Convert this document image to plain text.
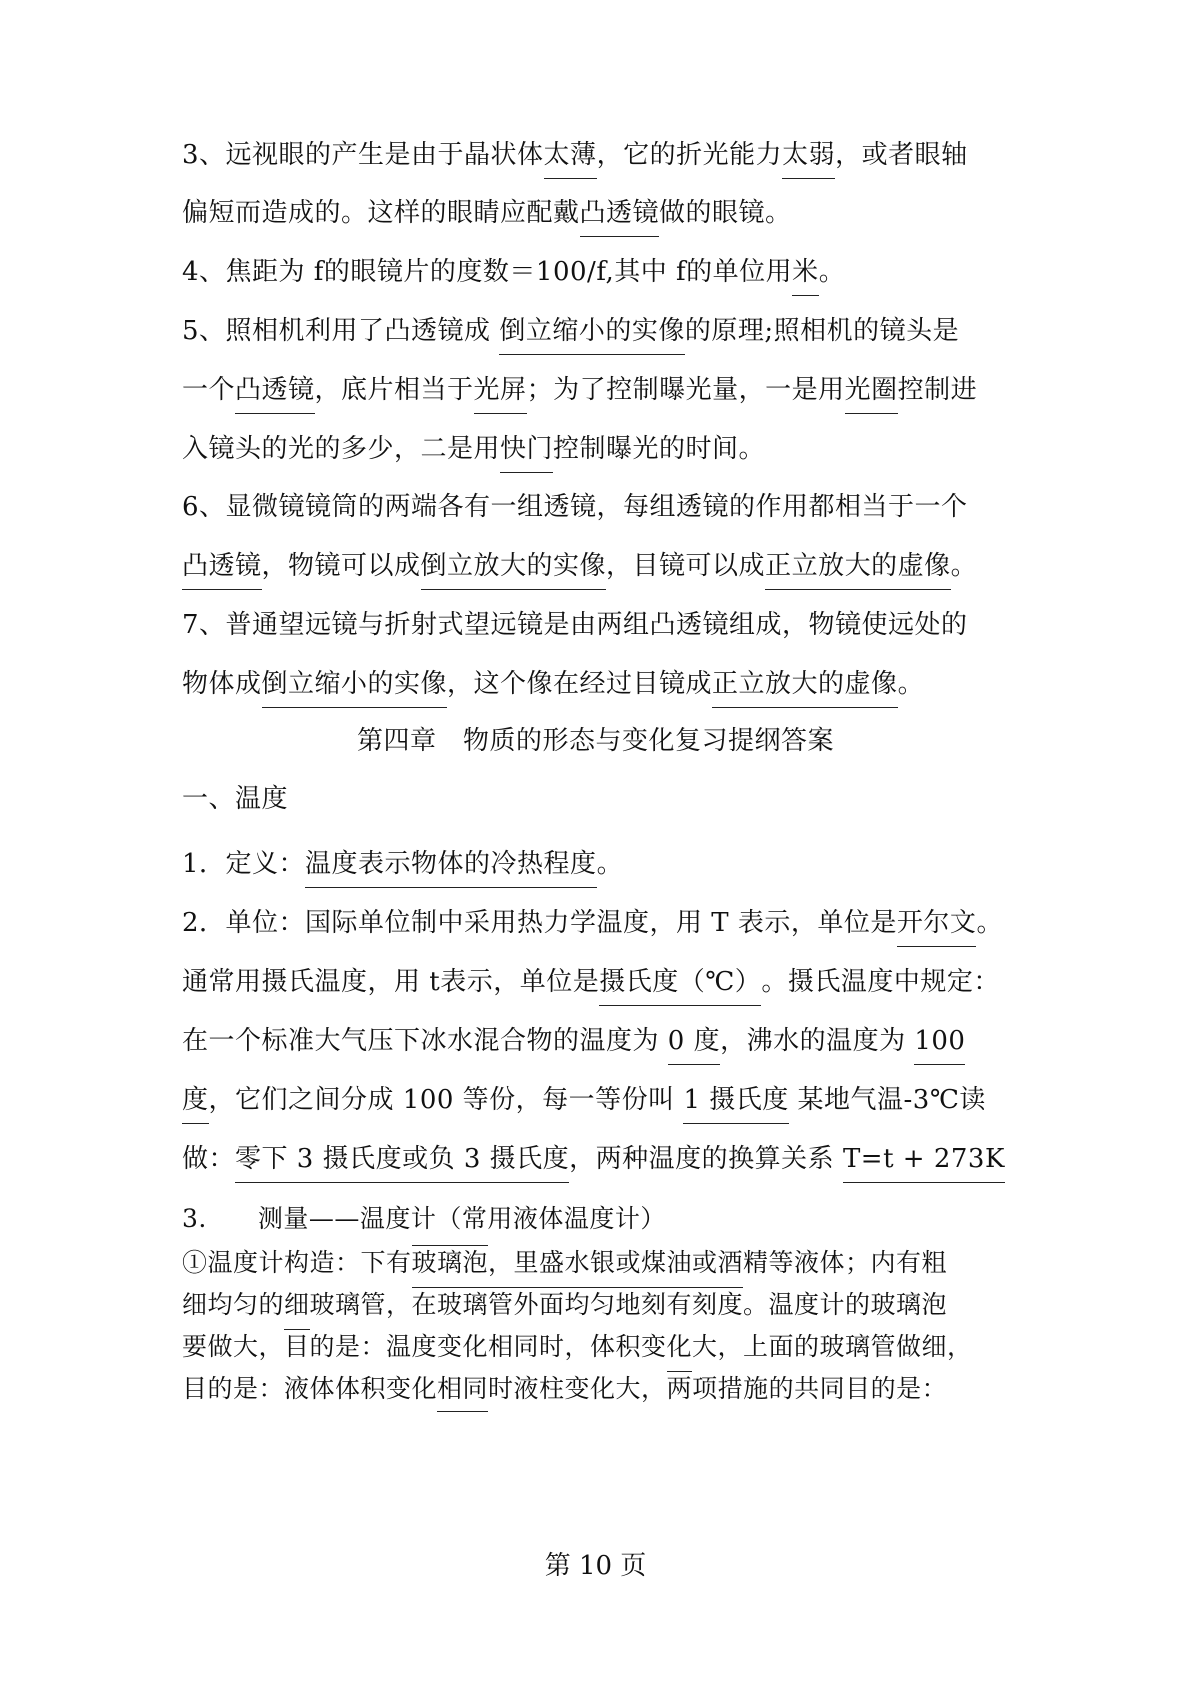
3、远视眼的产生是由于晶状体太薄，它的折光能力太弱，或者眼轴
偏短而造成的。这样的眼睛应配戴凸透镜做的眼镜。
4、焦距为 f的眼镜片的度数＝100/f,其中 f的单位用米。
5、照相机利用了凸透镜成 倒立缩小的实像的原理;照相机的镜头是
一个凸透镜，底片相当于光屏；为了控制曝光量，一是用光圈控制进
入镜头的光的多少，二是用快门控制曝光的时间。
6、显微镜镜筒的两端各有一组透镜，每组透镜的作用都相当于一个
凸透镜，物镜可以成倒立放大的实像，目镜可以成正立放大的虚像。
7、普通望远镜与折射式望远镜是由两组凸透镜组成，物镜使远处的
物体成倒立缩小的实像，这个像在经过目镜成正立放大的虚像。
第四章　物质的形态与变化复习提纲答案
一、温度
1．定义：温度表示物体的冷热程度。
2．单位：国际单位制中采用热力学温度，用 T 表示，单位是开尔文。
通常用摄氏温度，用 t表示，单位是摄氏度（℃）。摄氏温度中规定：
在一个标准大气压下冰水混合物的温度为 0 度，沸水的温度为 100
度，它们之间分成 100 等份，每一等份叫 1 摄氏度 某地气温-3℃读
做：零下 3 摄氏度或负 3 摄氏度，两种温度的换算关系 T=t + 273K
3.　　测量——温度计（常用液体温度计）
①温度计构造：下有玻璃泡，里盛水银或煤油或酒精等液体；内有粗
细均匀的细玻璃管，在玻璃管外面均匀地刻有刻度。温度计的玻璃泡
要做大，目的是：温度变化相同时，体积变化大，上面的玻璃管做细，
目的是：液体体积变化相同时液柱变化大，两项措施的共同目的是：
第 10 页
